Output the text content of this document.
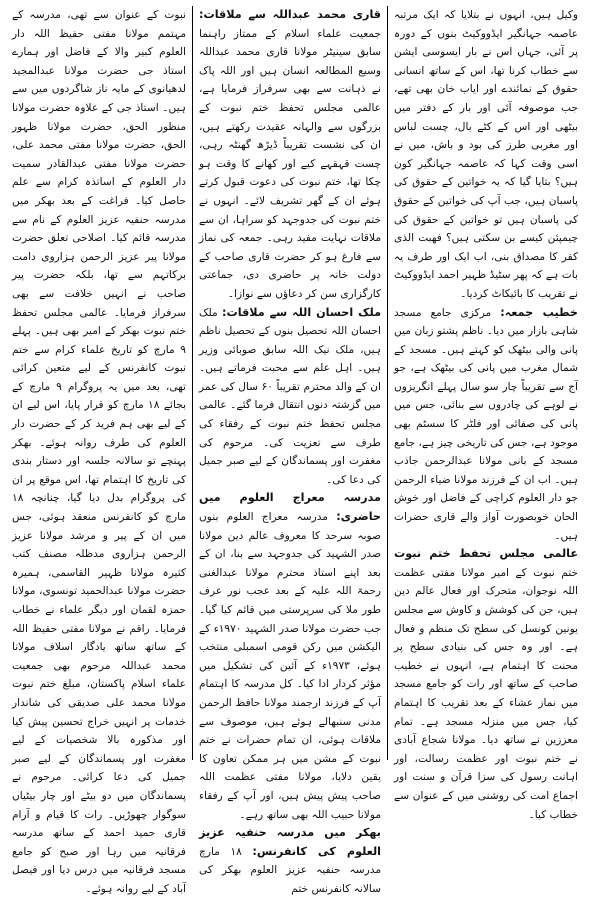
وکیل ہیں، انہوں نے بتلایا کہ ایک مرتبہ عاصمہ جہانگیر ایڈووکیٹ بنوں کے دورہ پر آئی، جہاں اس نے بار ایسوسی ایشن سے خطاب کرنا تھا، اس کے ساتھ انسانی حقوق کے نمائندے اور ایاب خان بھی تھے، جب موصوفہ آئی اور بار کے دفتر میں بیٹھی اور اس کے کٹے بال، چست لباس اور مغربی طرز کی بود و باش، میں نے اسی وقت کہا کہ عاصمہ جہانگیر کون ہیں؟ بتایا گیا کہ یہ خواتین کے حقوق کی پاسبان ہیں، جب آپ کی خواتین کے حقوق کی پاسبان ہیں تو خواتین کے حقوق کی چیمپئن کیسے بن سکتی ہیں؟ فھبت الذی کفر کا مصداق بنی، اب ایک اور طرف یہ بات ہے کہ پھر سٹیڈ ظہیر احمد ایڈووکیٹ نے تقریب کا بائیکاٹ کردیا۔

خطیب جمعہ: مرکزی جامع مسجد شاہی بازار میں دیا۔ ناظم پشتو زبان میں پانی والی بیٹھک کو کہتے ہیں۔ مسجد کے شمال مغرب میں پانی کی بیٹھک ہے، جو آج سے تقریباً چار سو سال پہلے انگریزوں نے لوہے کی چادروں سے بنائی، جس میں پانی کی صفائی اور فلٹر کا سسٹم بھی موجود ہے، جس کی تاریخی چیز ہے، جامع مسجد کے بانی مولانا عبدالرحمن جاذب ہیں۔ اب ان کے فرزند مولانا ضیاء الرحمن جو دار العلوم کراچی کے فاضل اور خوش الحان خوبصورت آواز والے قاری حضرات ہیں۔

عالمی مجلس تحفظ ختم نبوت ختم نبوت کے امیر مولانا مفتی عظمت اللہ نوجوان، متحرک اور فعال عالم دین ہیں، جن کی کوشش و کاوش سے مجلس یونین کونسل کی سطح تک منظم و فعال ہے۔ اور وہ جس کی بنیادی سطح پر محنت کا اہتمام ہے، انہوں نے خطیب صاحب کے ساتھ اور رات کو جامع مسجد میں نماز عشاء کے بعد تقریب کا اہتمام کیا، جس میں منزلہ مسجد ہے۔ تمام معززین نے ساتھ دیا۔ مولانا شجاع آبادی نے ختم نبوت اور عظمت رسالت، اور اہانت رسول کی سزا قرآن و سنت اور اجماع امت کی روشنی میں کے عنوان سے خطاب کیا۔

قاری محمد عبداللہ سے ملاقات: جمعیت علماء اسلام کے ممتاز راہنما سابق سینیٹر مولانا قاری محمد عبداللہ وسیع المطالعہ انسان ہیں اور اللہ پاک نے ذہانت سے بھی سرفراز فرمایا ہے، عالمی مجلس تحفظ ختم نبوت کے بزرگوں سے والہانہ عقیدت رکھتے ہیں، ان کی نشست تقریباً ڈیڑھ گھنٹہ رہی، چست قہقہے کیے اور کھانے کا وقت ہو چکا تھا، ختم نبوت کی دعوت قبول کرتے ہوئے ان کے گھر تشریف لائے۔ انہوں نے ختم نبوت کی جدوجہد کو سراہا، ان سے ملاقات نہایت مفید رہی۔ جمعہ کی نماز سے فارغ ہو کر حضرت قاری صاحب کے دولت خانہ پر حاضری دی، جماعتی کارگزاری سن کر دعاؤں سے نوازا۔

ملک احسان اللہ سے ملاقات: ملک احسان اللہ تحصیل بنوں کے تحصیل ناظم ہیں، ملک نیک اللہ سابق صوبائی وزیر ہیں۔ اہل علم سے محبت فرماتے ہیں۔ ان کے والد محترم تقریباً ۶۰ سال کی عمر میں گزشتہ دنوں انتقال فرما گئے۔ عالمی مجلس تحفظ ختم نبوت کے رفقاء کی طرف سے تعزیت کی۔ مرحوم کی مغفرت اور پسماندگان کے لیے صبر جمیل کی دعا کی۔

مدرسہ معراج العلوم میں حاضری: مدرسہ معراج العلوم بنوں صوبہ سرحد کا معروف عالم دین مولانا صدر الشہید کی جدوجہد سے بنا، ان کے بعد اپنے استاذ محترم مولانا عبدالغنی رحمۃ اللہ علیہ کے بعد عجب نور عرف طور ملا کی سرپرستی میں قائم کیا گیا۔ جب حضرت مولانا صدر الشہید ۱۹۷۰ء کے الیکشن میں رکن قومی اسمبلی منتخب ہوئے، ۱۹۷۳ء کے آئین کی تشکیل میں مؤثر کردار ادا کیا۔ کل مدرسہ کا اہتمام آپ کے فرزند ارجمند مولانا حافظ الرحمن مدنی سنبھالے ہوئے ہیں، موصوف سے ملاقات ہوئی، ان تمام حضرات نے ختم نبوت کے مشن میں ہر ممکن تعاون کا یقین دلایا، مولانا مفتی عظمت اللہ صاحب پیش پیش ہیں، اور آپ کے رفقاء مولانا حبیب اللہ بھی ساتھ رہے۔

بھکر میں مدرسہ حنفیہ عزیز العلوم کی کانفرنس: ۱۸ مارچ مدرسہ حنفیہ عزیز العلوم بھکر کی سالانہ کانفرنس ختم

نبوت کے عنوان سے تھی، مدرسہ کے مہتمم مولانا مفتی حفیظ اللہ دار العلوم کبیر والا کے فاضل اور ہمارے استاذ جی حضرت مولانا عبدالمجید لدھیانوی کے مایہ ناز شاگردوں میں سے ہیں۔ استاذ جی کے علاوہ حضرت مولانا منظور الحق، حضرت مولانا ظہور الحق، حضرت مولانا مفتی محمد علی، حضرت مولانا مفتی عبدالقادر سمیت دار العلوم کے اساتذہ کرام سے علم حاصل کیا۔ فراغت کے بعد بھکر میں مدرسہ حنفیہ عزیز العلوم کے نام سے مدرسہ قائم کیا۔ اصلاحی تعلق حضرت مولانا پیر عزیز الرحمن ہزاروی دامت برکاتہم سے تھا، بلکہ حضرت پیر صاحب نے انہیں خلافت سے بھی سرفراز فرمایا۔ عالمی مجلس تحفظ ختم نبوت بھکر کے امیر بھی ہیں۔ پہلے ۹ مارچ کو تاریخ علماء کرام سے ختم نبوت کانفرنس کے لیے متعین کرائی تھی، بعد میں یہ پروگرام ۹ مارچ کے بجائے ۱۸ مارچ کو قرار پایا، اس لیے ان کے لیے بھی ہم فرید کر کے حضرت دار العلوم کی طرف روانہ ہوئے۔ بھکر پہنچے تو سالانہ جلسہ اور دستار بندی کی تاریخ کا اہتمام تھا، اس موقع پر ان کی پروگرام بدل دیا گیا، چنانچہ ۱۸ مارچ کو کانفرنس منعقد ہوئی، جس میں ان کے پیر و مرشد مولانا عزیز الرحمن ہزاروی مدظلہ مصنف کتب کثیرہ مولانا ظہیر القاسمی، ہمیرہ حضرت مولانا عبدالحمید تونسوی، مولانا حمزہ لقمان اور دیگر علماء نے خطاب فرمایا۔ راقم نے مولانا مفتی حفیظ اللہ کے ساتھ ساتھ یادگار اسلاف مولانا محمد عبداللہ مرحوم بھی جمعیت علماء اسلام پاکستان، مبلغ ختم نبوت مولانا محمد علی صدیقی کی شاندار خدمات پر انہیں خراج تحسین پیش کیا اور مذکورہ بالا شخصیات کے لیے مغفرت اور پسماندگان کے لیے صبر جمیل کی دعا کرائی۔ مرحوم نے پسماندگان میں دو بیٹے اور چار بیٹیاں سوگوار چھوڑیں۔ رات کا قیام و آرام قاری حمید احمد کے ساتھ مدرسہ فرقانیہ میں رہا اور صبح کو جامع مسجد فرقانیہ میں درس دیا اور فیصل آباد کے لیے روانہ ہوئے۔
